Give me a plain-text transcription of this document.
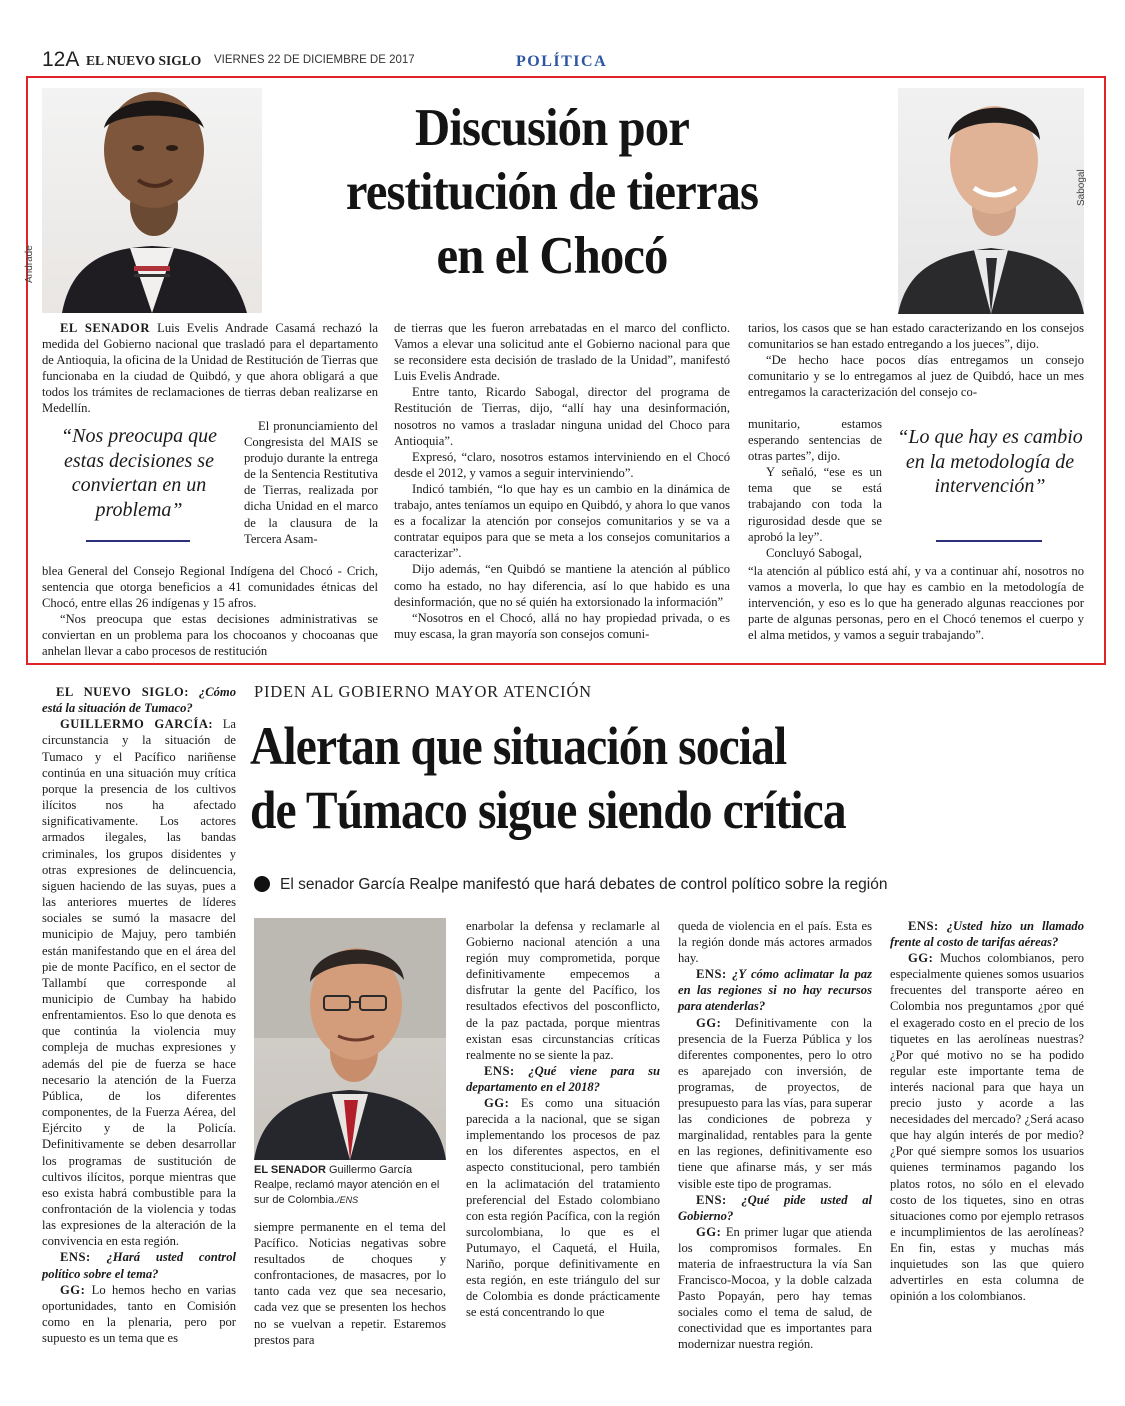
12A EL NUEVO SIGLO VIERNES 22 DE DICIEMBRE DE 2017	POLÍTICA
Andrade
Sabogal
Discusión por
restitución de tierras
en el Chocó

EL SENADOR Luis Evelis Andrade Casamá rechazó la medida del Gobierno nacional que trasladó para el departamento de Antioquia, la oficina de la Unidad de Restitución de Tierras que funcionaba en la ciudad de Quibdó, y que ahora obligará a que todos los trámites de reclamaciones de tierras deban realizarse en Medellín.

El pronunciamiento del Congresista del MAIS se produjo durante la entrega de la Sentencia Restitutiva de Tierras, realizada por dicha Unidad en el marco de la clausura de la Tercera Asam-

“Nos preocupa que estas decisiones se conviertan en un problema”

blea General del Consejo Regional Indígena del Chocó - Crich, sentencia que otorga beneficios a 41 comunidades étnicas del Chocó, entre ellas 26 indígenas y 15 afros.

“Nos preocupa que estas decisiones administrativas se conviertan en un problema para los chocoanos y chocoanas que anhelan llevar a cabo procesos de restitución

de tierras que les fueron arrebatadas en el marco del conflicto. Vamos a elevar una solicitud ante el Gobierno nacional para que se reconsidere esta decisión de traslado de la Unidad”, manifestó Luis Evelis Andrade.

Entre tanto, Ricardo Sabogal, director del programa de Restitución de Tierras, dijo, “allí hay una desinformación, nosotros no vamos a trasladar ninguna unidad del Choco para Antioquia”.

Expresó, “claro, nosotros estamos interviniendo en el Chocó desde el 2012, y vamos a seguir interviniendo”.

Indicó también, “lo que hay es un cambio en la dinámica de trabajo, antes teníamos un equipo en Quibdó, y ahora lo que vanos es a focalizar la atención por consejos comunitarios y se va a contratar equipos para que se meta a los consejos comunitarios a caracterizar”.

Dijo además, “en Quibdó se mantiene la atención al público como ha estado, no hay diferencia, así lo que habido es una desinformación, que no sé quién ha extorsionado la información”

“Nosotros en el Chocó, allá no hay propiedad privada, o es muy escasa, la gran mayoría son consejos comuni-

tarios, los casos que se han estado caracterizando en los consejos comunitarios se han estado entregando a los jueces”, dijo.

“De hecho hace pocos días entregamos un consejo comunitario y se lo entregamos al juez de Quibdó, hace un mes entregamos la caracterización del consejo co-

munitario, estamos esperando sentencias de otras partes”, dijo.

Y señaló, “ese es un tema que se está trabajando con toda la rigurosidad desde que se aprobó la ley”.

Concluyó Sabogal,

“Lo que hay es cambio en la metodología de intervención”

“la atención al público está ahí, y va a continuar ahí, nosotros no vamos a moverla, lo que hay es cambio en la metodología de intervención, y eso es lo que ha generado algunas reacciones por parte de algunas personas, pero en el Chocó tenemos el cuerpo y el alma metidos, y vamos a seguir trabajando”.

PIDEN AL GOBIERNO MAYOR ATENCIÓN
Alertan que situación social
de Túmaco sigue siendo crítica
El senador García Realpe manifestó que hará debates de control político sobre la región

EL NUEVO SIGLO: ¿Cómo está la situación de Tumaco?

GUILLERMO GARCÍA: La circunstancia y la situación de Tumaco y el Pacífico nariñense continúa en una situación muy crítica porque la presencia de los cultivos ilícitos nos ha afectado significativamente. Los actores armados ilegales, las bandas criminales, los grupos disidentes y otras expresiones de delincuencia, siguen haciendo de las suyas, pues a las anteriores muertes de líderes sociales se sumó la masacre del municipio de Majuy, pero también están manifestando que en el área del pie de monte Pacífico, en el sector de Tallambí que corresponde al municipio de Cumbay ha habido enfrentamientos. Eso lo que denota es que continúa la violencia muy compleja de muchas expresiones y además del pie de fuerza se hace necesario la atención de la Fuerza Pública, de los diferentes componentes, de la Fuerza Aérea, del Ejército y de la Policía. Definitivamente se deben desarrollar los programas de sustitución de cultivos ilícitos, porque mientras que eso exista habrá combustible para la confrontación de la violencia y todas las expresiones de la alteración de la convivencia en esta región.

ENS: ¿Hará usted control político sobre el tema?

GG: Lo hemos hecho en varias oportunidades, tanto en Comisión como en la plenaria, pero por supuesto es un tema que es

EL SENADOR Guillermo García Realpe, reclamó mayor atención en el sur de Colombia./ENS

siempre permanente en el tema del Pacífico. Noticias negativas sobre resultados de choques y confrontaciones, de masacres, por lo tanto cada vez que sea necesario, cada vez que se presenten los hechos no se vuelvan a repetir. Estaremos prestos para

enarbolar la defensa y reclamarle al Gobierno nacional atención a una región muy comprometida, porque definitivamente empecemos a disfrutar la gente del Pacífico, los resultados efectivos del posconflicto, de la paz pactada, porque mientras existan esas circunstancias críticas realmente no se siente la paz.

ENS: ¿Qué viene para su departamento en el 2018?

GG: Es como una situación parecida a la nacional, que se sigan implementando los procesos de paz en los diferentes aspectos, en el aspecto constitucional, pero también en la aclimatación del tratamiento preferencial del Estado colombiano con esta región Pacífica, con la región surcolombiana, lo que es el Putumayo, el Caquetá, el Huila, Nariño, porque definitivamente en esta región, en este triángulo del sur de Colombia es donde prácticamente se está concentrando lo que

queda de violencia en el país. Esta es la región donde más actores armados hay.

ENS: ¿Y cómo aclimatar la paz en las regiones si no hay recursos para atenderlas?

GG: Definitivamente con la presencia de la Fuerza Pública y los diferentes componentes, pero lo otro es aparejado con inversión, de programas, de proyectos, de presupuesto para las vías, para superar las condiciones de pobreza y marginalidad, rentables para la gente en las regiones, definitivamente eso tiene que afinarse más, y ser más visible este tipo de programas.

ENS: ¿Qué pide usted al Gobierno?

GG: En primer lugar que atienda los compromisos formales. En materia de infraestructura la vía San Francisco-Mocoa, y la doble calzada Pasto Popayán, pero hay temas sociales como el tema de salud, de conectividad que es importantes para modernizar nuestra región.

ENS: ¿Usted hizo un llamado frente al costo de tarifas aéreas?

GG: Muchos colombianos, pero especialmente quienes somos usuarios frecuentes del transporte aéreo en Colombia nos preguntamos ¿por qué el exagerado costo en el precio de los tiquetes en las aerolíneas nuestras? ¿Por qué motivo no se ha podido regular este importante tema de interés nacional para que haya un precio justo y acorde a las necesidades del mercado? ¿Será acaso que hay algún interés de por medio? ¿Por qué siempre somos los usuarios quienes terminamos pagando los platos rotos, no sólo en el elevado costo de los tiquetes, sino en otras situaciones como por ejemplo retrasos e incumplimientos de las aerolíneas? En fin, estas y muchas más inquietudes son las que quiero advertirles en esta columna de opinión a los colombianos.
